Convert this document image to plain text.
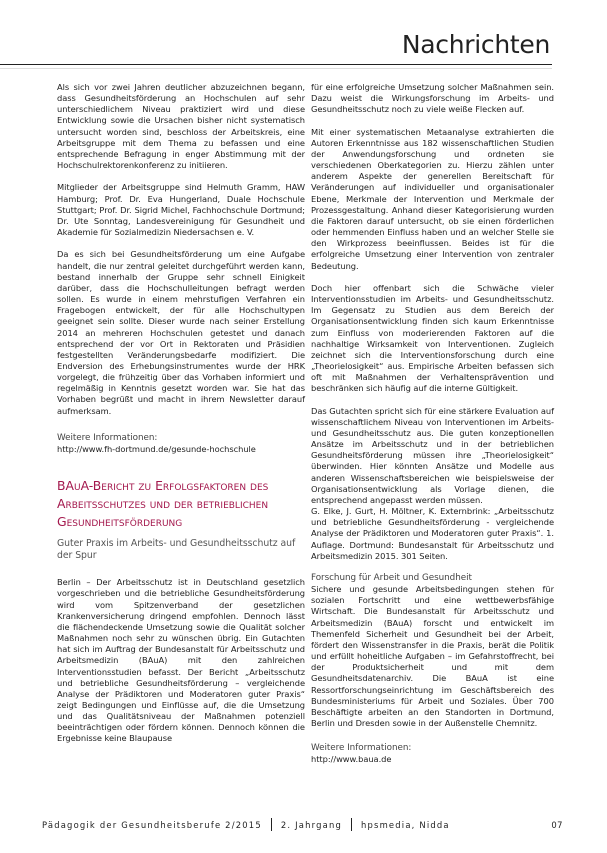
Nachrichten

Als sich vor zwei Jahren deutlicher abzuzeichnen begann, dass Gesundheitsförderung an Hochschulen auf sehr unterschiedlichem Niveau praktiziert wird und diese Entwicklung sowie die Ursachen bisher nicht systematisch untersucht worden sind, beschloss der Arbeitskreis, eine Arbeitsgruppe mit dem Thema zu befassen und eine entsprechende Befragung in enger Abstimmung mit der Hochschulrektorenkonferenz zu initiieren.

Mitglieder der Arbeitsgruppe sind Helmuth Gramm, HAW Hamburg; Prof. Dr. Eva Hungerland, Duale Hochschule Stuttgart; Prof. Dr. Sigrid Michel, Fachhochschule Dortmund; Dr. Ute Sonntag, Landesvereinigung für Gesundheit und Akademie für Sozialmedizin Niedersachsen e. V.

Da es sich bei Gesundheitsförderung um eine Aufgabe handelt, die nur zentral geleitet durchgeführt werden kann, bestand innerhalb der Gruppe sehr schnell Einigkeit darüber, dass die Hochschulleitungen befragt werden sollen. Es wurde in einem mehrstufigen Verfahren ein Fragebogen entwickelt, der für alle Hochschultypen geeignet sein sollte. Dieser wurde nach seiner Erstellung 2014 an mehreren Hochschulen getestet und danach entsprechend der vor Ort in Rektoraten und Präsidien festgestellten Veränderungsbedarfe modifiziert. Die Endversion des Erhebungsinstrumentes wurde der HRK vorgelegt, die frühzeitig über das Vorhaben informiert und regelmäßig in Kenntnis gesetzt worden war. Sie hat das Vorhaben begrüßt und macht in ihrem Newsletter darauf aufmerksam.

Weitere Informationen:
http://www.fh-dortmund.de/gesunde-hochschule
BAuA-Bericht zu Erfolgsfaktoren des Arbeitsschutzes und der betrieblichen Gesundheitsförderung
Guter Praxis im Arbeits- und Gesundheitsschutz auf der Spur

Berlin – Der Arbeitsschutz ist in Deutschland gesetzlich vorgeschrieben und die betriebliche Gesundheitsförderung wird vom Spitzenverband der gesetzlichen Krankenversicherung dringend empfohlen. Dennoch lässt die flächendeckende Umsetzung sowie die Qualität solcher Maßnahmen noch sehr zu wünschen übrig. Ein Gutachten hat sich im Auftrag der Bundesanstalt für Arbeitsschutz und Arbeitsmedizin (BAuA) mit den zahlreichen Interventionsstudien befasst. Der Bericht „Arbeitsschutz und betriebliche Gesundheitsförderung – vergleichende Analyse der Prädiktoren und Moderatoren guter Praxis“ zeigt Bedingungen und Einflüsse auf, die die Umsetzung und das Qualitätsniveau der Maßnahmen potenziell beeinträchtigen oder fördern können. Dennoch können die Ergebnisse keine Blaupause

für eine erfolgreiche Umsetzung solcher Maßnahmen sein. Dazu weist die Wirkungsforschung im Arbeits- und Gesundheitsschutz noch zu viele weiße Flecken auf.

Mit einer systematischen Metaanalyse extrahierten die Autoren Erkenntnisse aus 182 wissenschaftlichen Studien der Anwendungsforschung und ordneten sie verschiedenen Oberkategorien zu. Hierzu zählen unter anderem Aspekte der generellen Bereitschaft für Veränderungen auf individueller und organisationaler Ebene, Merkmale der Intervention und Merkmale der Prozessgestaltung. Anhand dieser Kategorisierung wurden die Faktoren darauf untersucht, ob sie einen förderlichen oder hemmenden Einfluss haben und an welcher Stelle sie den Wirkprozess beeinflussen. Beides ist für die erfolgreiche Umsetzung einer Intervention von zentraler Bedeutung.

Doch hier offenbart sich die Schwäche vieler Interventionsstudien im Arbeits- und Gesundheitsschutz. Im Gegensatz zu Studien aus dem Bereich der Organisationsentwicklung finden sich kaum Erkenntnisse zum Einfluss von moderierenden Faktoren auf die nachhaltige Wirksamkeit von Interventionen. Zugleich zeichnet sich die Interventionsforschung durch eine „Theorielosigkeit“ aus. Empirische Arbeiten befassen sich oft mit Maßnahmen der Verhaltensprävention und beschränken sich häufig auf die interne Gültigkeit.

Das Gutachten spricht sich für eine stärkere Evaluation auf wissenschaftlichem Niveau von Interventionen im Arbeits- und Gesundheitsschutz aus. Die guten konzeptionellen Ansätze im Arbeitsschutz und in der betrieblichen Gesundheitsförderung müssen ihre „Theorielosigkeit“ überwinden. Hier könnten Ansätze und Modelle aus anderen Wissenschaftsbereichen wie beispielsweise der Organisationsentwicklung als Vorlage dienen, die entsprechend angepasst werden müssen.

G. Elke, J. Gurt, H. Möltner, K. Externbrink: „Arbeitsschutz und betriebliche Gesundheitsförderung - vergleichende Analyse der Prädiktoren und Moderatoren guter Praxis“. 1. Auflage. Dortmund: Bundesanstalt für Arbeitsschutz und Arbeitsmedizin 2015. 301 Seiten.

Forschung für Arbeit und Gesundheit

Sichere und gesunde Arbeitsbedingungen stehen für sozialen Fortschritt und eine wettbewerbsfähige Wirtschaft. Die Bundesanstalt für Arbeitsschutz und Arbeitsmedizin (BAuA) forscht und entwickelt im Themenfeld Sicherheit und Gesundheit bei der Arbeit, fördert den Wissenstransfer in die Praxis, berät die Politik und erfüllt hoheitliche Aufgaben – im Gefahrstoffrecht, bei der Produktsicherheit und mit dem Gesundheitsdatenarchiv. Die BAuA ist eine Ressortforschungseinrichtung im Geschäftsbereich des Bundesministeriums für Arbeit und Soziales. Über 700 Beschäftigte arbeiten an den Standorten in Dortmund, Berlin und Dresden sowie in der Außenstelle Chemnitz.

Weitere Informationen:
http://www.baua.de
Pädagogik der Gesundheitsberufe 2/2015 2. Jahrgang hpsmedia, Nidda	07
